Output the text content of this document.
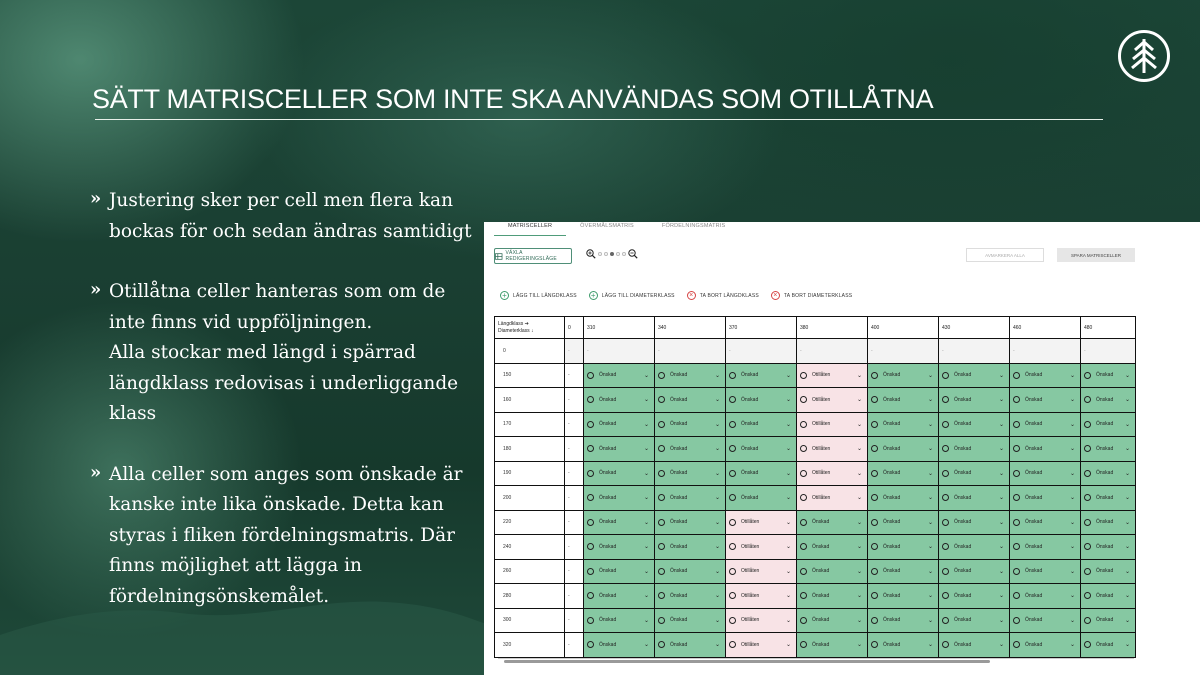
SÄTT MATRISCELLER SOM INTE SKA ANVÄNDAS SOM OTILLÅTNA
» Justering sker per cell men flera kan

bockas för och sedan ändras samtidigt

» Otillåtna celler hanteras som om de

inte finns vid uppföljningen.

Alla stockar med längd i spärrad

längdklass redovisas i underliggande

klass

» Alla celler som anges som önskade är

kanske inte lika önskade. Detta kan

styras i fliken fördelningsmatris. Där

finns möjlighet att lägga in

fördelningsönskemålet.

MATRISCELLER	ÖVERMÅLSMATRIS	FÖRDELNINGSMATRIS
VÄXLA REDIGERINGSLÄGE
AVMARKERA ALLA	SPARA MATRISCELLER
+	LÄGG TILL LÄNGDKLASS +	LÄGG TILL DIAMETERKLASS	×	TA BORT LÄNGDKLASS	×	TA BORT DIAMETERKLASS
Längdklass ➔
Diameterklass ↓	0	310	340	370	380	400	430	460	480
0	-	-	-	-	-	-	-	-	-
150	-	Önskad ⌄	Önskad ⌄	Önskad ⌄	Otillåten ⌄	Önskad ⌄	Önskad ⌄	Önskad ⌄	Önskad ⌄

160	-	Önskad ⌄	Önskad ⌄	Önskad ⌄	Otillåten ⌄	Önskad ⌄	Önskad ⌄	Önskad ⌄	Önskad ⌄

170	-	Önskad ⌄	Önskad ⌄	Önskad ⌄	Otillåten ⌄	Önskad ⌄	Önskad ⌄	Önskad ⌄	Önskad ⌄

180	-	Önskad ⌄	Önskad ⌄	Önskad ⌄	Otillåten ⌄	Önskad ⌄	Önskad ⌄	Önskad ⌄	Önskad ⌄

190	-	Önskad ⌄	Önskad ⌄	Önskad ⌄	Otillåten ⌄	Önskad ⌄	Önskad ⌄	Önskad ⌄	Önskad ⌄

200	-	Önskad ⌄	Önskad ⌄	Önskad ⌄	Otillåten ⌄	Önskad ⌄	Önskad ⌄	Önskad ⌄	Önskad ⌄

220	-	Önskad ⌄	Önskad ⌄	Otillåten ⌄	Önskad ⌄	Önskad ⌄	Önskad ⌄	Önskad ⌄	Önskad ⌄

240	-	Önskad ⌄	Önskad ⌄	Otillåten ⌄	Önskad ⌄	Önskad ⌄	Önskad ⌄	Önskad ⌄	Önskad ⌄

260	-	Önskad ⌄	Önskad ⌄	Otillåten ⌄	Önskad ⌄	Önskad ⌄	Önskad ⌄	Önskad ⌄	Önskad ⌄

280	-	Önskad ⌄	Önskad ⌄	Otillåten ⌄	Önskad ⌄	Önskad ⌄	Önskad ⌄	Önskad ⌄	Önskad ⌄

300	-	Önskad ⌄	Önskad ⌄	Otillåten ⌄	Önskad ⌄	Önskad ⌄	Önskad ⌄	Önskad ⌄	Önskad ⌄

320	-	Önskad ⌄	Önskad ⌄	Otillåten ⌄	Önskad ⌄	Önskad ⌄	Önskad ⌄	Önskad ⌄	Önskad ⌄
